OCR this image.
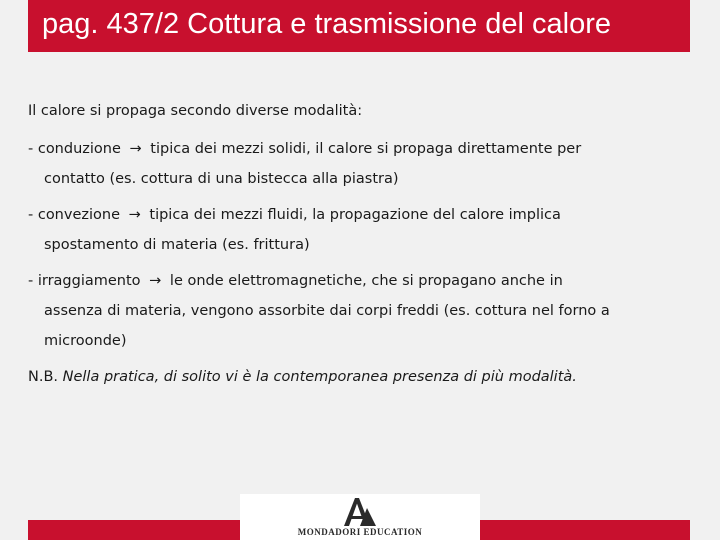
pag. 437/2 Cottura e trasmissione del calore

Il calore si propaga secondo diverse modalità:

- conduzione → tipica dei mezzi solidi, il calore si propaga direttamente per
contatto (es. cottura di una bistecca alla piastra)
- convezione → tipica dei mezzi fluidi, la propagazione del calore implica
spostamento di materia (es. frittura)
- irraggiamento → le onde elettromagnetiche, che si propagano anche in
assenza di materia, vengono assorbite dai corpi freddi (es. cottura nel forno a
microonde)

N.B. Nella pratica, di solito vi è la contemporanea presenza di più modalità.

MONDADORI EDUCATION
